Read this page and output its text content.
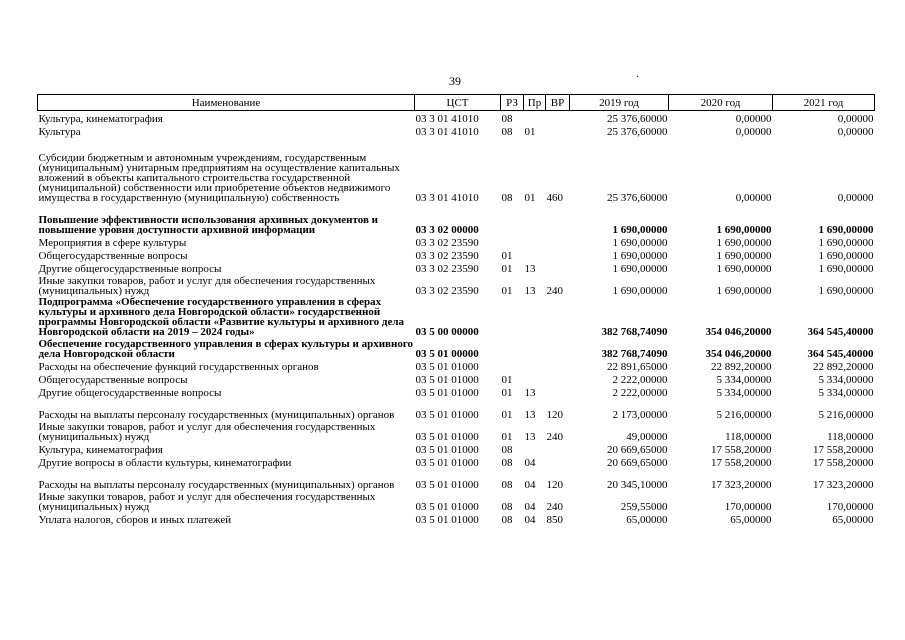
39	·
Наименование	ЦСТ	РЗ	Пр	ВР	2019 год	2020 год	2021 год
Культура, кинематография	03 3 01 41010	08			25 376,60000	0,00000	0,00000
Культура	03 3 01 41010	08	01		25 376,60000	0,00000	0,00000
Субсидии бюджетным и автономным учреждениям, государственным (муниципальным) унитарным предприятиям на осуществление капитальных вложений в объекты капитального строительства государственной (муниципальной) собственности или приобретение объектов недвижимого имущества в государственную (муниципальную) собственность	03 3 01 41010	08	01	460	25 376,60000	0,00000	0,00000
Повышение эффективности использования архивных документов и повышение уровня доступности архивной информации	03 3 02 00000				1 690,00000	1 690,00000	1 690,00000
Мероприятия в сфере культуры	03 3 02 23590				1 690,00000	1 690,00000	1 690,00000
Общегосударственные вопросы	03 3 02 23590	01			1 690,00000	1 690,00000	1 690,00000
Другие общегосударственные вопросы	03 3 02 23590	01	13		1 690,00000	1 690,00000	1 690,00000
Иные закупки товаров, работ и услуг для обеспечения государственных (муниципальных) нужд	03 3 02 23590	01	13	240	1 690,00000	1 690,00000	1 690,00000
Подпрограмма «Обеспечение государственного управления в сферах культуры и архивного дела Новгородской области» государственной программы Новгородской области «Развитие культуры и архивного дела Новгородской области на 2019 – 2024 годы»	03 5 00 00000				382 768,74090	354 046,20000	364 545,40000
Обеспечение государственного управления в сферах культуры и архивного дела Новгородской области	03 5 01 00000				382 768,74090	354 046,20000	364 545,40000
Расходы на обеспечение функций государственных органов	03 5 01 01000				22 891,65000	22 892,20000	22 892,20000
Общегосударственные вопросы	03 5 01 01000	01			2 222,00000	5 334,00000	5 334,00000
Другие общегосударственные вопросы	03 5 01 01000	01	13		2 222,00000	5 334,00000	5 334,00000
Расходы на выплаты персоналу государственных (муниципальных) органов	03 5 01 01000	01	13	120	2 173,00000	5 216,00000	5 216,00000
Иные закупки товаров, работ и услуг для обеспечения государственных (муниципальных) нужд	03 5 01 01000	01	13	240	49,00000	118,00000	118,00000
Культура, кинематография	03 5 01 01000	08			20 669,65000	17 558,20000	17 558,20000
Другие вопросы в области культуры, кинематографии	03 5 01 01000	08	04		20 669,65000	17 558,20000	17 558,20000
Расходы на выплаты персоналу государственных (муниципальных) органов	03 5 01 01000	08	04	120	20 345,10000	17 323,20000	17 323,20000
Иные закупки товаров, работ и услуг для обеспечения государственных (муниципальных) нужд	03 5 01 01000	08	04	240	259,55000	170,00000	170,00000
Уплата налогов, сборов и иных платежей	03 5 01 01000	08	04	850	65,00000	65,00000	65,00000
